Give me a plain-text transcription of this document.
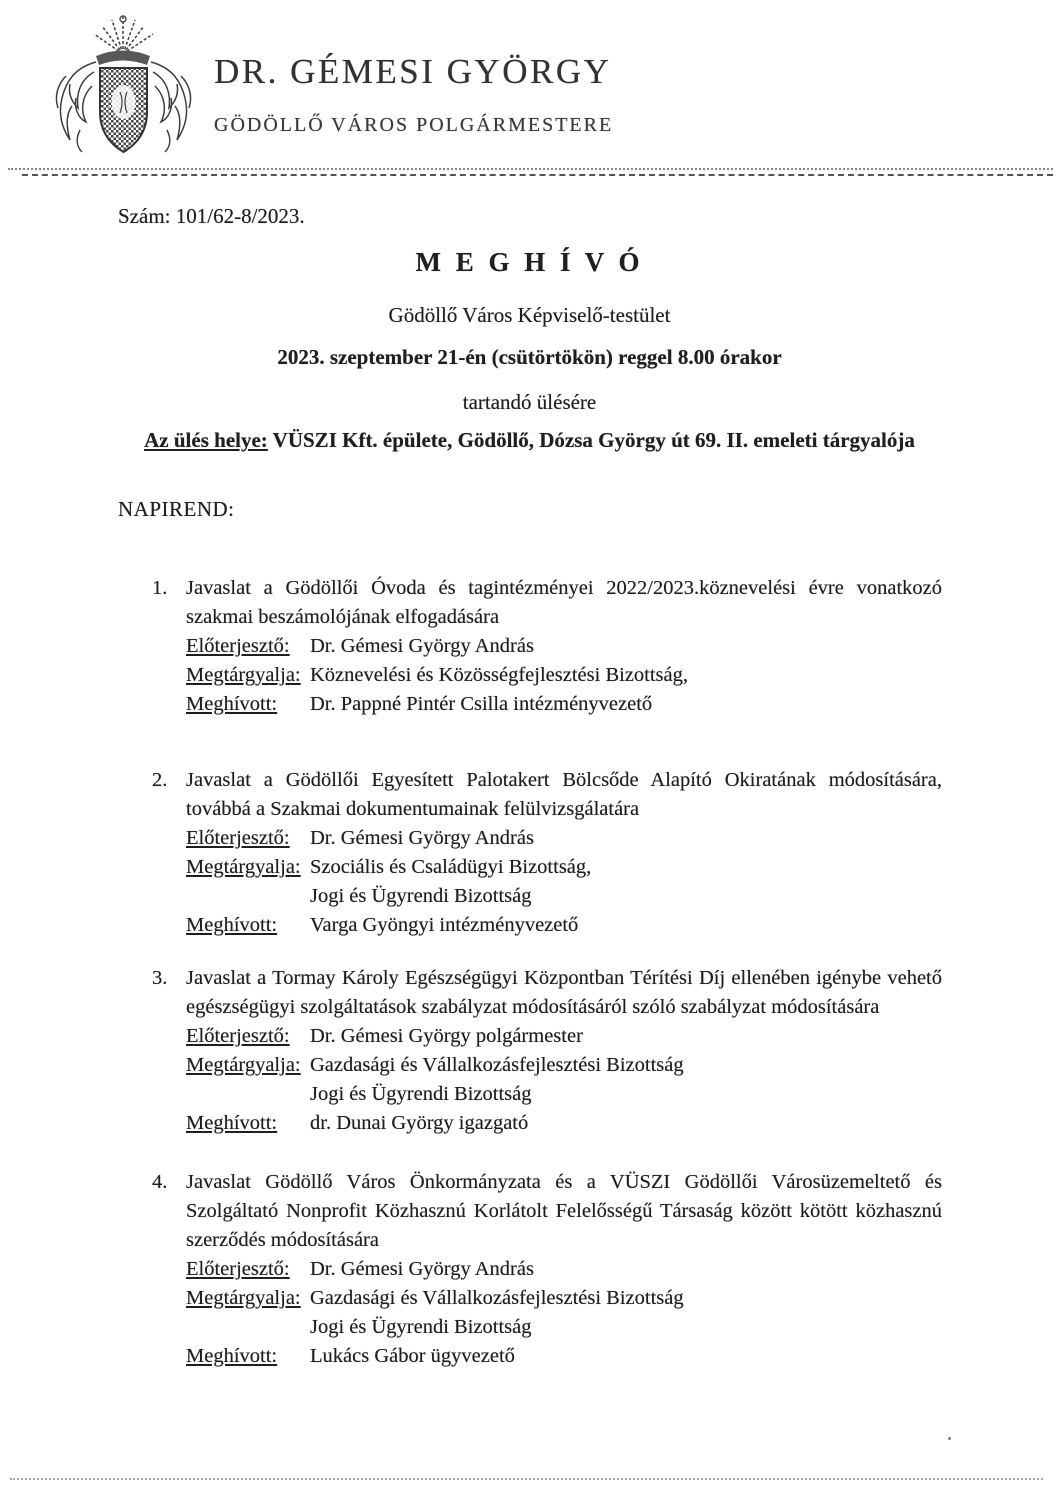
DR. GÉMESI GYÖRGY
GÖDÖLLŐ VÁROS POLGÁRMESTERE
Szám: 101/62-8/2023.
M E G H Í V Ó
Gödöllő Város Képviselő-testület
2023. szeptember 21-én (csütörtökön) reggel 8.00 órakor
tartandó ülésére
Az ülés helye: VÜSZI Kft. épülete, Gödöllő, Dózsa György út 69. II. emeleti tárgyalója
NAPIREND:
1. Javaslat a Gödöllői Óvoda és tagintézményei 2022/2023.köznevelési évre vonatkozó szakmai beszámolójának elfogadására
Előterjesztő: Dr. Gémesi György András
Megtárgyalja: Köznevelési és Közösségfejlesztési Bizottság,
Meghívott:	Dr. Pappné Pintér Csilla intézményvezető
2. Javaslat a Gödöllői Egyesített Palotakert Bölcsőde Alapító Okiratának módosítására, továbbá a Szakmai dokumentumainak felülvizsgálatára
Előterjesztő: Dr. Gémesi György András
Megtárgyalja: Szociális és Családügyi Bizottság,
Jogi és Ügyrendi Bizottság
Meghívott:	Varga Gyöngyi intézményvezető
3. Javaslat a Tormay Károly Egészségügyi Központban Térítési Díj ellenében igénybe vehető egészségügyi szolgáltatások szabályzat módosításáról szóló szabályzat módosítására
Előterjesztő: Dr. Gémesi György polgármester
Megtárgyalja: Gazdasági és Vállalkozásfejlesztési Bizottság
Jogi és Ügyrendi Bizottság
Meghívott:	dr. Dunai György igazgató
4. Javaslat Gödöllő Város Önkormányzata és a VÜSZI Gödöllői Városüzemeltető és Szolgáltató Nonprofit Közhasznú Korlátolt Felelősségű Társaság között kötött közhasznú szerződés módosítására
Előterjesztő: Dr. Gémesi György András
Megtárgyalja: Gazdasági és Vállalkozásfejlesztési Bizottság
Jogi és Ügyrendi Bizottság
Meghívott:	Lukács Gábor ügyvezető
